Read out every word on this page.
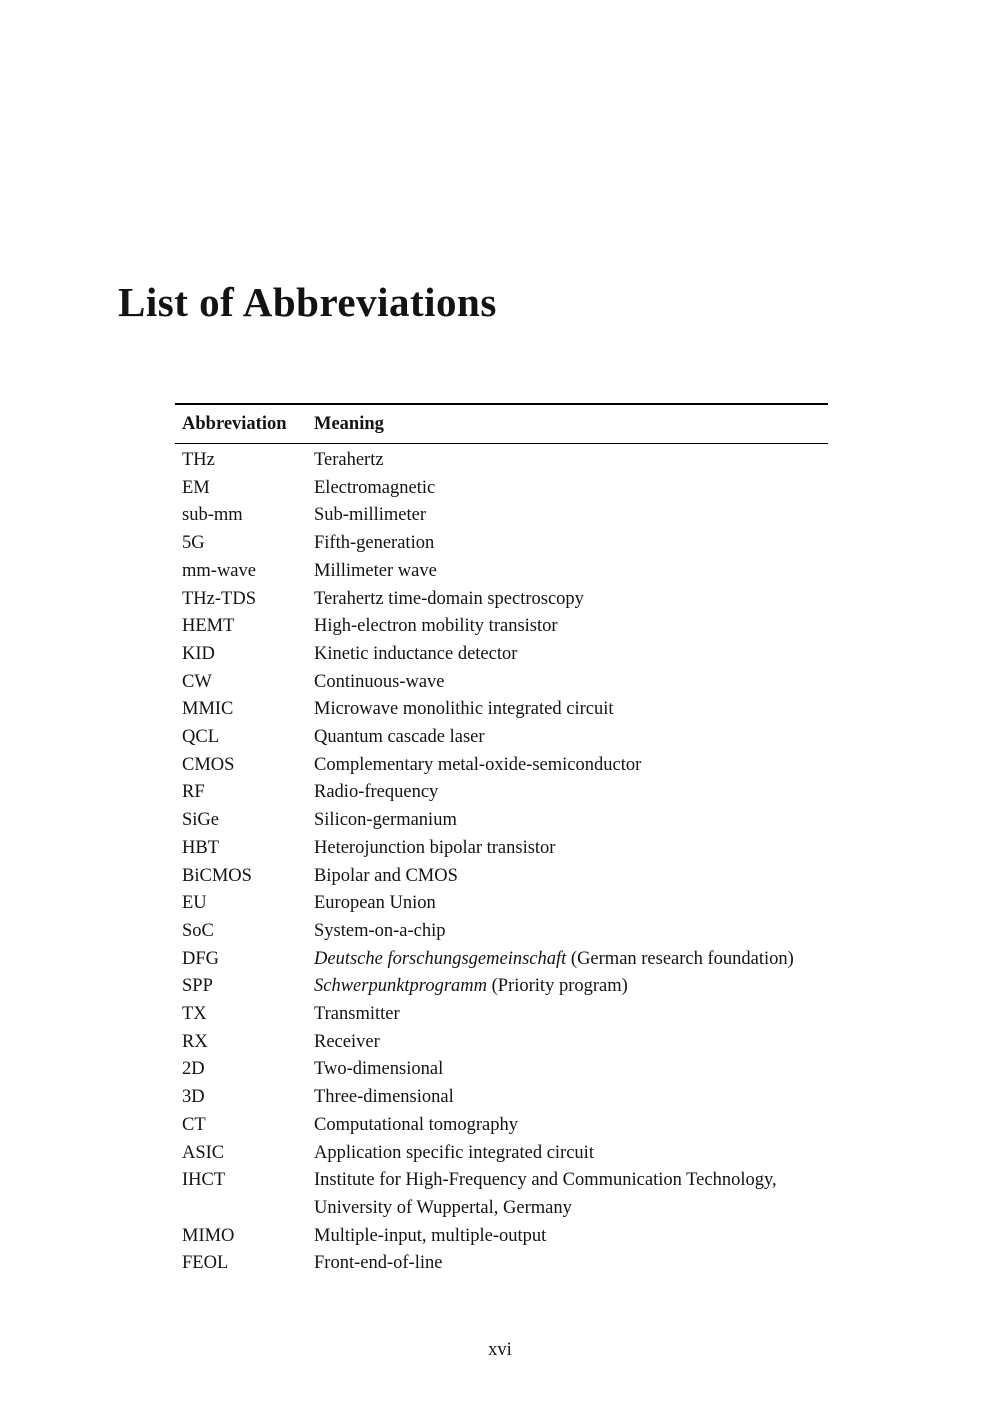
List of Abbreviations
Abbreviation	Meaning
THz	Terahertz
EM	Electromagnetic
sub-mm	Sub-millimeter
5G	Fifth-generation
mm-wave	Millimeter wave
THz-TDS	Terahertz time-domain spectroscopy
HEMT	High-electron mobility transistor
KID	Kinetic inductance detector
CW	Continuous-wave
MMIC	Microwave monolithic integrated circuit
QCL	Quantum cascade laser
CMOS	Complementary metal-oxide-semiconductor
RF	Radio-frequency
SiGe	Silicon-germanium
HBT	Heterojunction bipolar transistor
BiCMOS	Bipolar and CMOS
EU	European Union
SoC	System-on-a-chip
DFG	Deutsche forschungsgemeinschaft (German research foundation)
SPP	Schwerpunktprogramm (Priority program)
TX	Transmitter
RX	Receiver
2D	Two-dimensional
3D	Three-dimensional
CT	Computational tomography
ASIC	Application specific integrated circuit
IHCT	Institute for High-Frequency and Communication Technology,
University of Wuppertal, Germany
MIMO	Multiple-input, multiple-output
FEOL	Front-end-of-line
xvi
